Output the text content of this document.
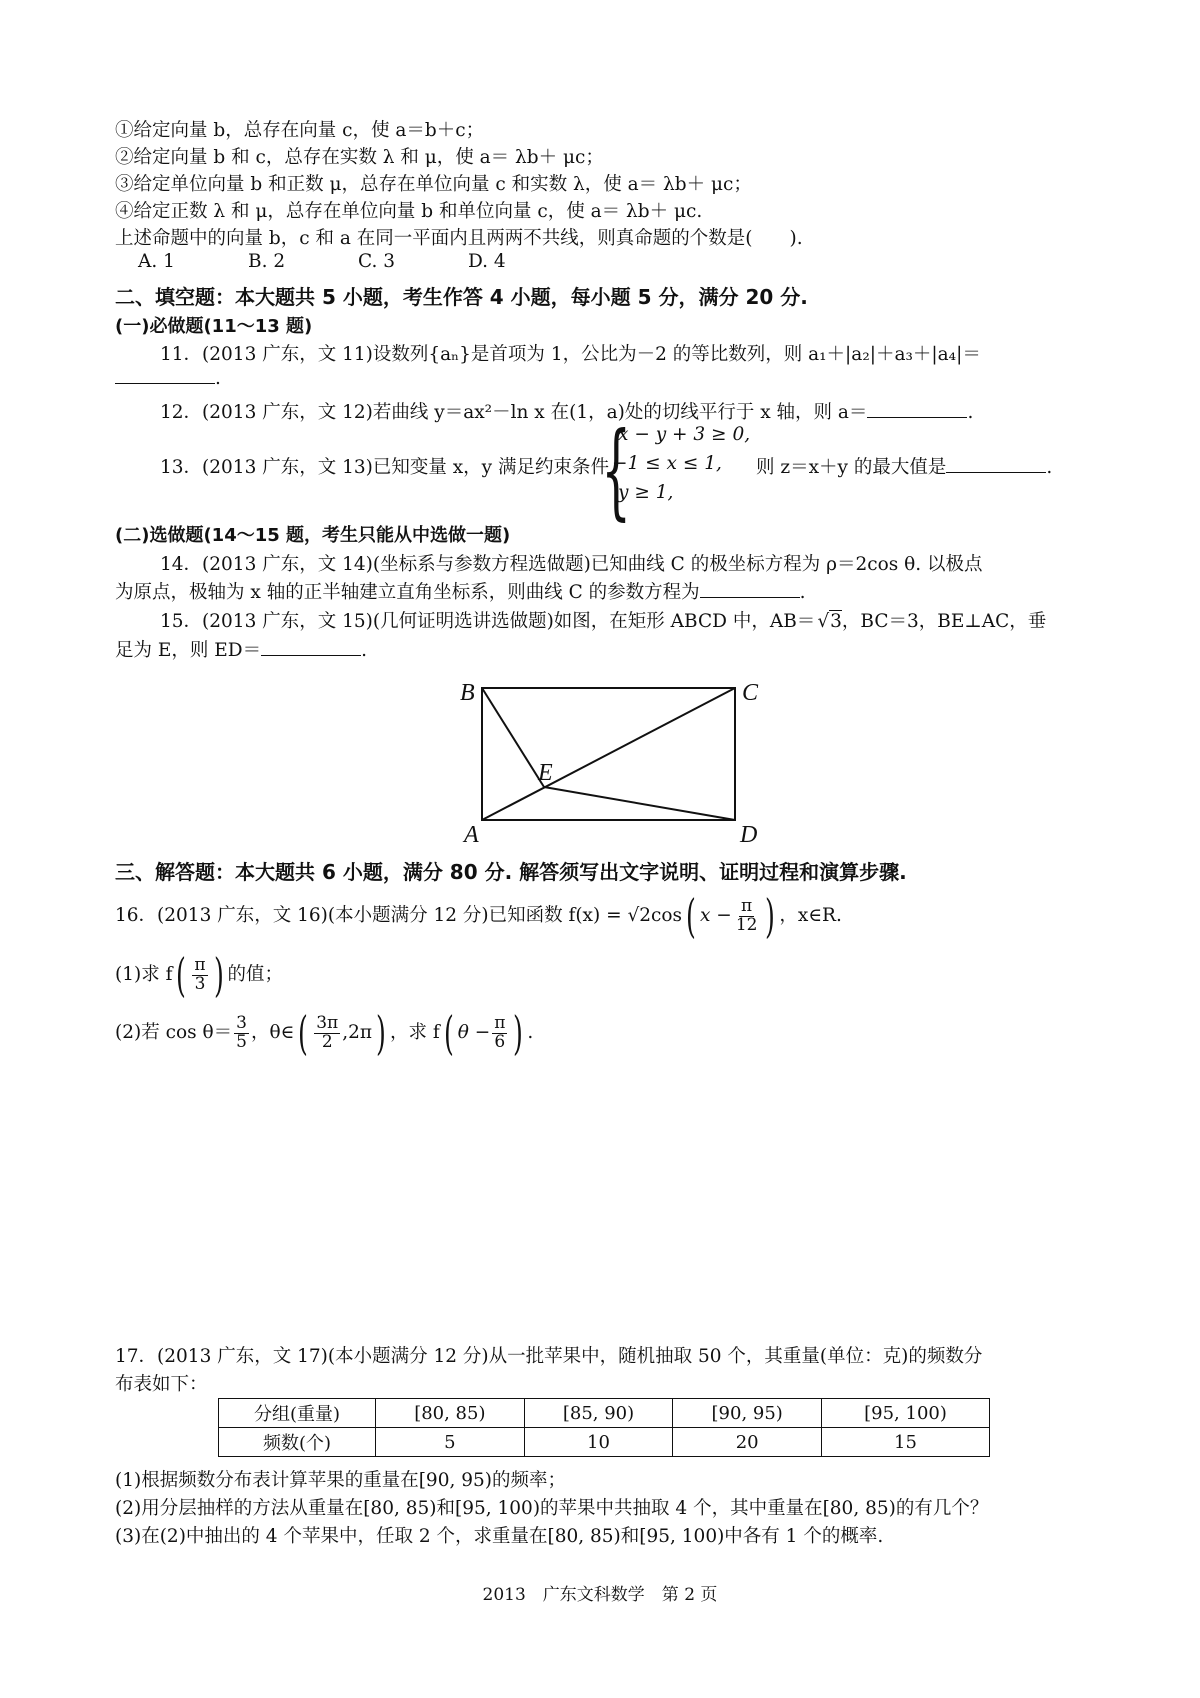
①给定向量 b，总存在向量 c，使 a＝b＋c；
②给定向量 b 和 c，总存在实数 λ 和 μ，使 a＝ λb＋ μc；
③给定单位向量 b 和正数 μ，总存在单位向量 c 和实数 λ，使 a＝ λb＋ μc；
④给定正数 λ 和 μ，总存在单位向量 b 和单位向量 c，使 a＝ λb＋ μc.
上述命题中的向量 b，c 和 a 在同一平面内且两两不共线，则真命题的个数是(　　).
A. 1	B. 2	C. 3	D. 4
二、填空题：本大题共 5 小题，考生作答 4 小题，每小题 5 分，满分 20 分.
(一)必做题(11～13 题)
11．(2013 广东，文 11)设数列{aₙ}是首项为 1，公比为－2 的等比数列，则 a₁＋|a₂|＋a₃＋|a₄|＝
.
12．(2013 广东，文 12)若曲线 y＝ax²－ln x 在(1，a)处的切线平行于 x 轴，则 a＝	.
13．(2013 广东，文 13)已知变量 x，y 满足约束条件
{
x − y + 3 ≥ 0,
−1 ≤ x ≤ 1,
y ≥ 1,
则 z＝x＋y 的最大值是	.
(二)选做题(14～15 题，考生只能从中选做一题)
14．(2013 广东，文 14)(坐标系与参数方程选做题)已知曲线 C 的极坐标方程为 ρ＝2cos θ. 以极点
为原点，极轴为 x 轴的正半轴建立直角坐标系，则曲线 C 的参数方程为	.
15．(2013 广东，文 15)(几何证明选讲选做题)如图，在矩形 ABCD 中，AB＝ √3，BC＝3，BE⊥AC，垂
足为 E，则 ED＝	.
B	C
E
A	D
三、解答题：本大题共 6 小题，满分 80 分. 解答须写出文字说明、证明过程和演算步骤.
16．(2013 广东，文 16)(本小题满分 12 分)已知函数 f(x) = √2cos( $x - \frac{\pi}{12}$ ) ，x∈R.
(1)求 $f( \frac{\pi}{3}$ ) 的值；
(2)若 $\cos \theta= \frac{3}{5}$ ，θ∈( $\frac{3\pi}{2} ,2\pi$) ，求 f( $\theta - \frac{\pi}{6}$ ) .
17．(2013 广东，文 17)(本小题满分 12 分)从一批苹果中，随机抽取 50 个，其重量(单位：克)的频数分
布表如下：
分组(重量)	[80, 85)	[85, 90)	[90, 95)	[95, 100)
频数(个)	5	10	20	15
(1)根据频数分布表计算苹果的重量在[90, 95)的频率；
(2)用分层抽样的方法从重量在[80, 85)和[95, 100)的苹果中共抽取 4 个，其中重量在[80, 85)的有几个？
(3)在(2)中抽出的 4 个苹果中，任取 2 个，求重量在[80, 85)和[95, 100)中各有 1 个的概率.
2013　广东文科数学　第 2 页
